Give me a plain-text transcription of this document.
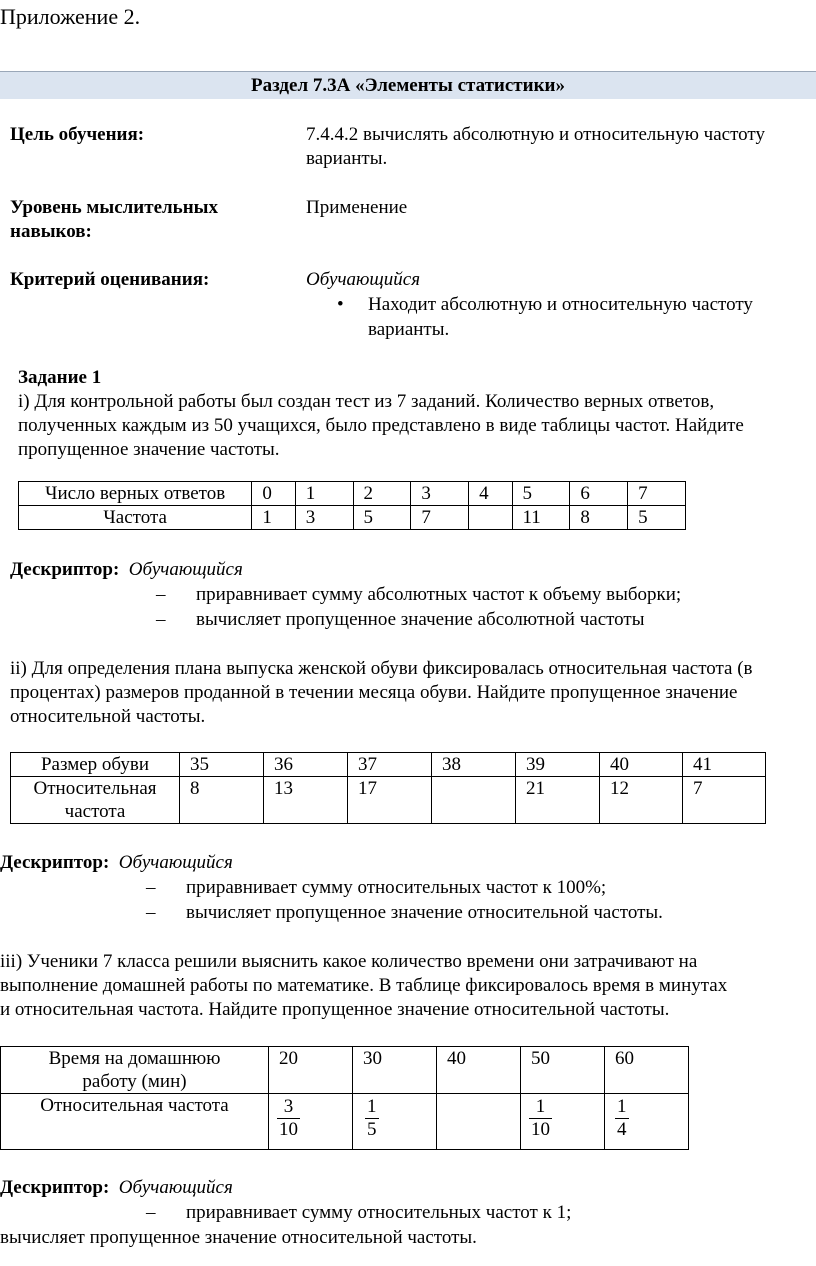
Приложение 2.
Раздел 7.3А «Элементы статистики»
Цель обучения:	7.4.4.2 вычислять абсолютную и относительную частоту
варианты.
Уровень мыслительных
навыков:
Применение
Критерий оценивания:	Обучающийся
• Находит абсолютную и относительную частоту
варианты.
Задание 1
i) Для контрольной работы был создан тест из 7 заданий. Количество верных ответов,
полученных каждым из 50 учащихся, было представлено в виде таблицы частот. Найдите
пропущенное значение частоты.
Число верных ответов	0	1	2	3	4	5	6	7
Частота	1	3	5	7		11	8	5
Дескриптор: Обучающийся
– приравнивает сумму абсолютных частот к объему выборки;
– вычисляет пропущенное значение абсолютной частоты
ii) Для определения плана выпуска женской обуви фиксировалась относительная частота (в
процентах) размеров проданной в течении месяца обуви. Найдите пропущенное значение
относительной частоты.
Размер обуви	35	36	37	38	39	40	41

Относительная
частота	8	13	17		21	12	7
Дескриптор: Обучающийся
– приравнивает сумму относительных частот к 100%;
– вычисляет пропущенное значение относительной частоты.
iii) Ученики 7 класса решили выяснить какое количество времени они затрачивают на
выполнение домашней работы по математике. В таблице фиксировалось время в минутах
и относительная частота. Найдите пропущенное значение относительной частоты.
Время на домашнюю
работу (мин)	20	30	40	50	60
Относительная частота	$\frac{3}{10}$	$\frac{1}{5}$		$\frac{1}{10}$	$\frac{1}{4}$
Дескриптор: Обучающийся
– приравнивает сумму относительных частот к 1;
вычисляет пропущенное значение относительной частоты.
